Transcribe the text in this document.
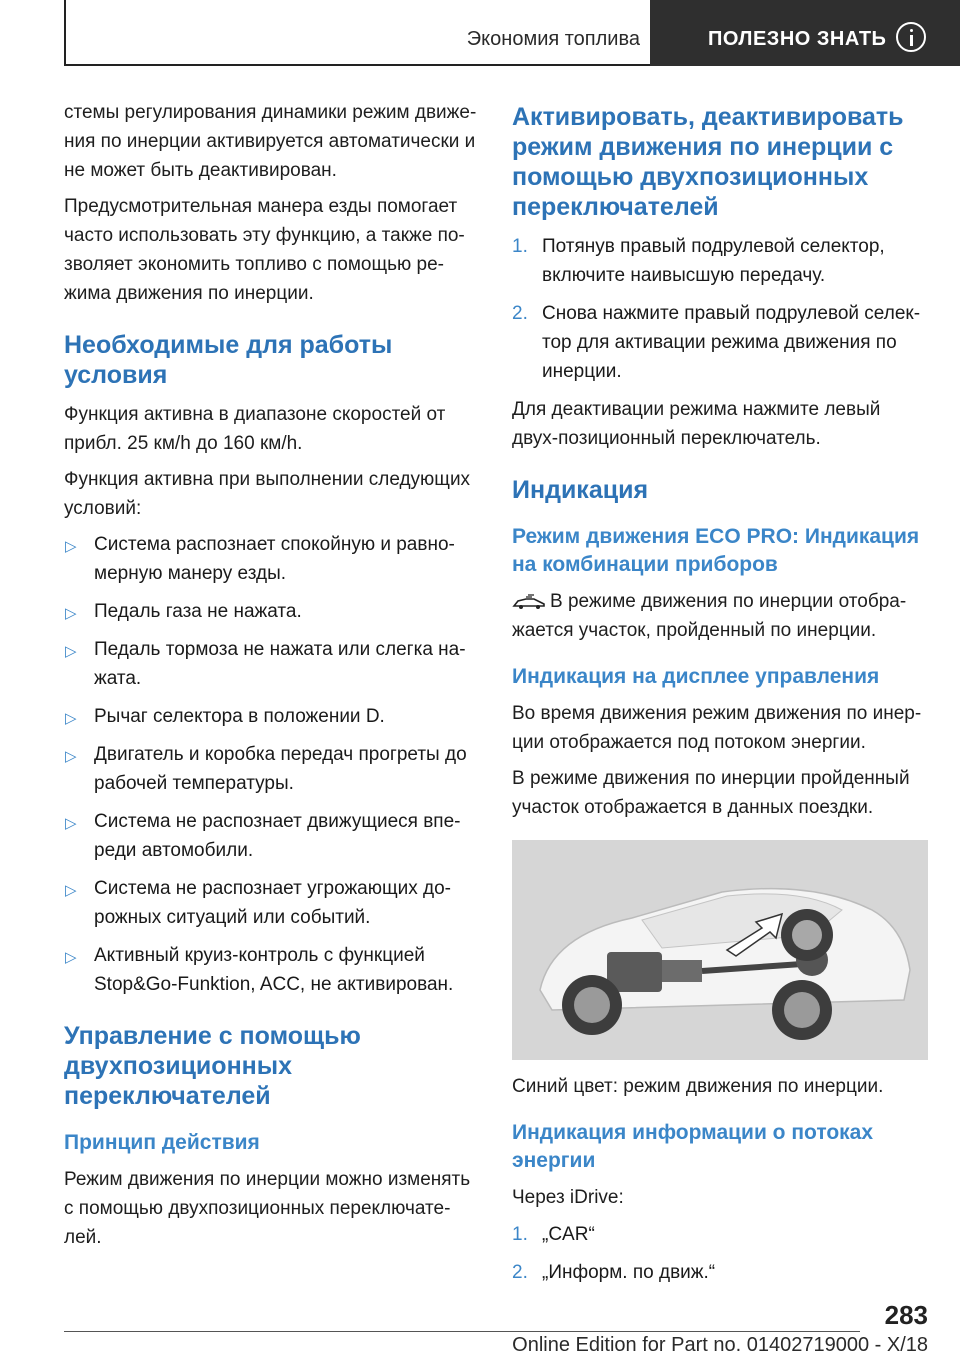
Экономия топлива	ПОЛЕЗНО ЗНАТЬ

стемы регулирования динамики режим движе-ния по инерции активируется автоматически и не может быть деактивирован.

Предусмотрительная манера езды помогает часто использовать эту функцию, а также по-зволяет экономить топливо с помощью ре-жима движения по инерции.

Необходимые для работы условия

Функция активна в диапазоне скоростей от прибл. 25 км/h до 160 км/h.

Функция активна при выполнении следующих условий:

▷ Система распознает спокойную и равно-мерную манеру езды.
▷ Педаль газа не нажата.
▷ Педаль тормоза не нажата или слегка на-жата.
▷ Рычаг селектора в положении D.
▷ Двигатель и коробка передач прогреты до рабочей температуры.
▷ Система не распознает движущиеся впе-реди автомобили.
▷ Система не распознает угрожающих до-рожных ситуаций или событий.
▷ Активный круиз-контроль с функцией Stop&Go-Funktion, ACC, не активирован.
Управление с помощью двухпозиционных переключателей
Принцип действия

Режим движения по инерции можно изменять с помощью двухпозиционных переключате-лей.

Активировать, деактивировать режим движения по инерции с помощью двухпозиционных переключателей
1. Потянув правый подрулевой селектор, включите наивысшую передачу.
2. Снова нажмите правый подрулевой селек-тор для активации режима движения по инерции.

Для деактивации режима нажмите левый двух-позиционный переключатель.

Индикация
Режим движения ECO PRO: Индикация на комбинации приборов

В режиме движения по инерции отобра-жается участок, пройденный по инерции.

Индикация на дисплее управления

Во время движения режим движения по инер-ции отображается под потоком энергии.

В режиме движения по инерции пройденный участок отображается в данных поездки.

Синий цвет: режим движения по инерции.

Индикация информации о потоках энергии

Через iDrive:

1. „CAR“
2. „Информ. по движ.“
283
Online Edition for Part no. 01402719000 - X/18
